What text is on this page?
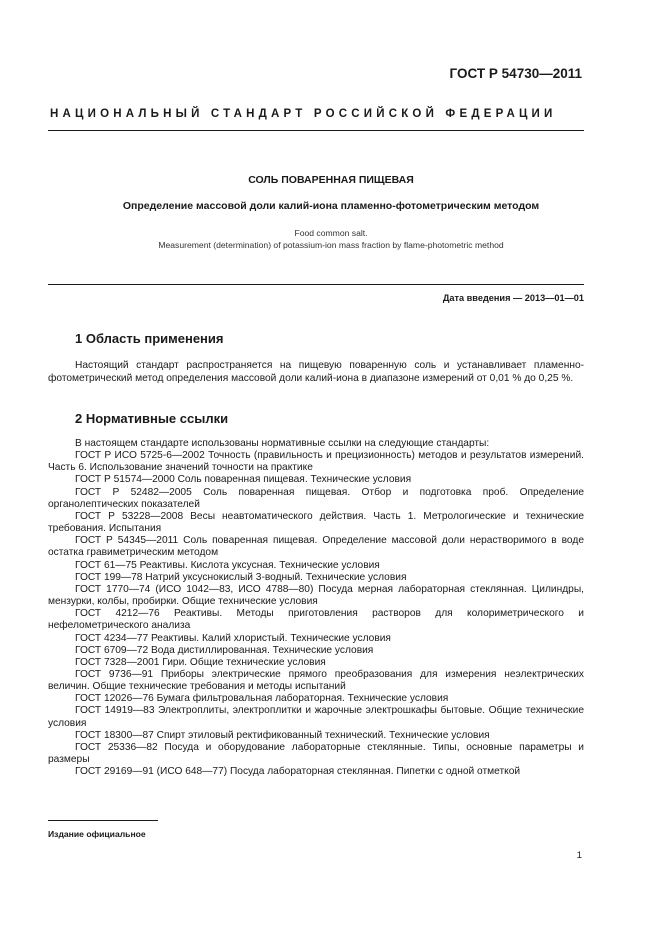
ГОСТ Р 54730—2011
НАЦИОНАЛЬНЫЙ СТАНДАРТ РОССИЙСКОЙ ФЕДЕРАЦИИ
СОЛЬ ПОВАРЕННАЯ ПИЩЕВАЯ
Определение массовой доли калий-иона пламенно-фотометрическим методом
Food common salt.
Measurement (determination) of potassium-ion mass fraction by flame-photometric method
Дата введения — 2013—01—01
1 Область применения
Настоящий стандарт распространяется на пищевую поваренную соль и устанавливает пламенно-фотометрический метод определения массовой доли калий-иона в диапазоне измерений от 0,01 % до 0,25 %.
2 Нормативные ссылки
В настоящем стандарте использованы нормативные ссылки на следующие стандарты:
ГОСТ Р ИСО 5725-6—2002 Точность (правильность и прецизионность) методов и результатов измерений. Часть 6. Использование значений точности на практике
ГОСТ Р 51574—2000 Соль поваренная пищевая. Технические условия
ГОСТ Р 52482—2005 Соль поваренная пищевая. Отбор и подготовка проб. Определение органолептических показателей
ГОСТ Р 53228—2008 Весы неавтоматического действия. Часть 1. Метрологические и технические требования. Испытания
ГОСТ Р 54345—2011 Соль поваренная пищевая. Определение массовой доли нерастворимого в воде остатка гравиметрическим методом
ГОСТ 61—75 Реактивы. Кислота уксусная. Технические условия
ГОСТ 199—78 Натрий уксуснокислый 3-водный. Технические условия
ГОСТ 1770—74 (ИСО 1042—83, ИСО 4788—80) Посуда мерная лабораторная стеклянная. Цилиндры, мензурки, колбы, пробирки. Общие технические условия
ГОСТ 4212—76 Реактивы. Методы приготовления растворов для колориметрического и нефелометрического анализа
ГОСТ 4234—77 Реактивы. Калий хлористый. Технические условия
ГОСТ 6709—72 Вода дистиллированная. Технические условия
ГОСТ 7328—2001 Гири. Общие технические условия
ГОСТ 9736—91 Приборы электрические прямого преобразования для измерения неэлектрических величин. Общие технические требования и методы испытаний
ГОСТ 12026—76 Бумага фильтровальная лабораторная. Технические условия
ГОСТ 14919—83 Электроплиты, электроплитки и жарочные электрошкафы бытовые. Общие технические условия
ГОСТ 18300—87 Спирт этиловый ректификованный технический. Технические условия
ГОСТ 25336—82 Посуда и оборудование лабораторные стеклянные. Типы, основные параметры и размеры
ГОСТ 29169—91 (ИСО 648—77) Посуда лабораторная стеклянная. Пипетки с одной отметкой
Издание официальное
1
